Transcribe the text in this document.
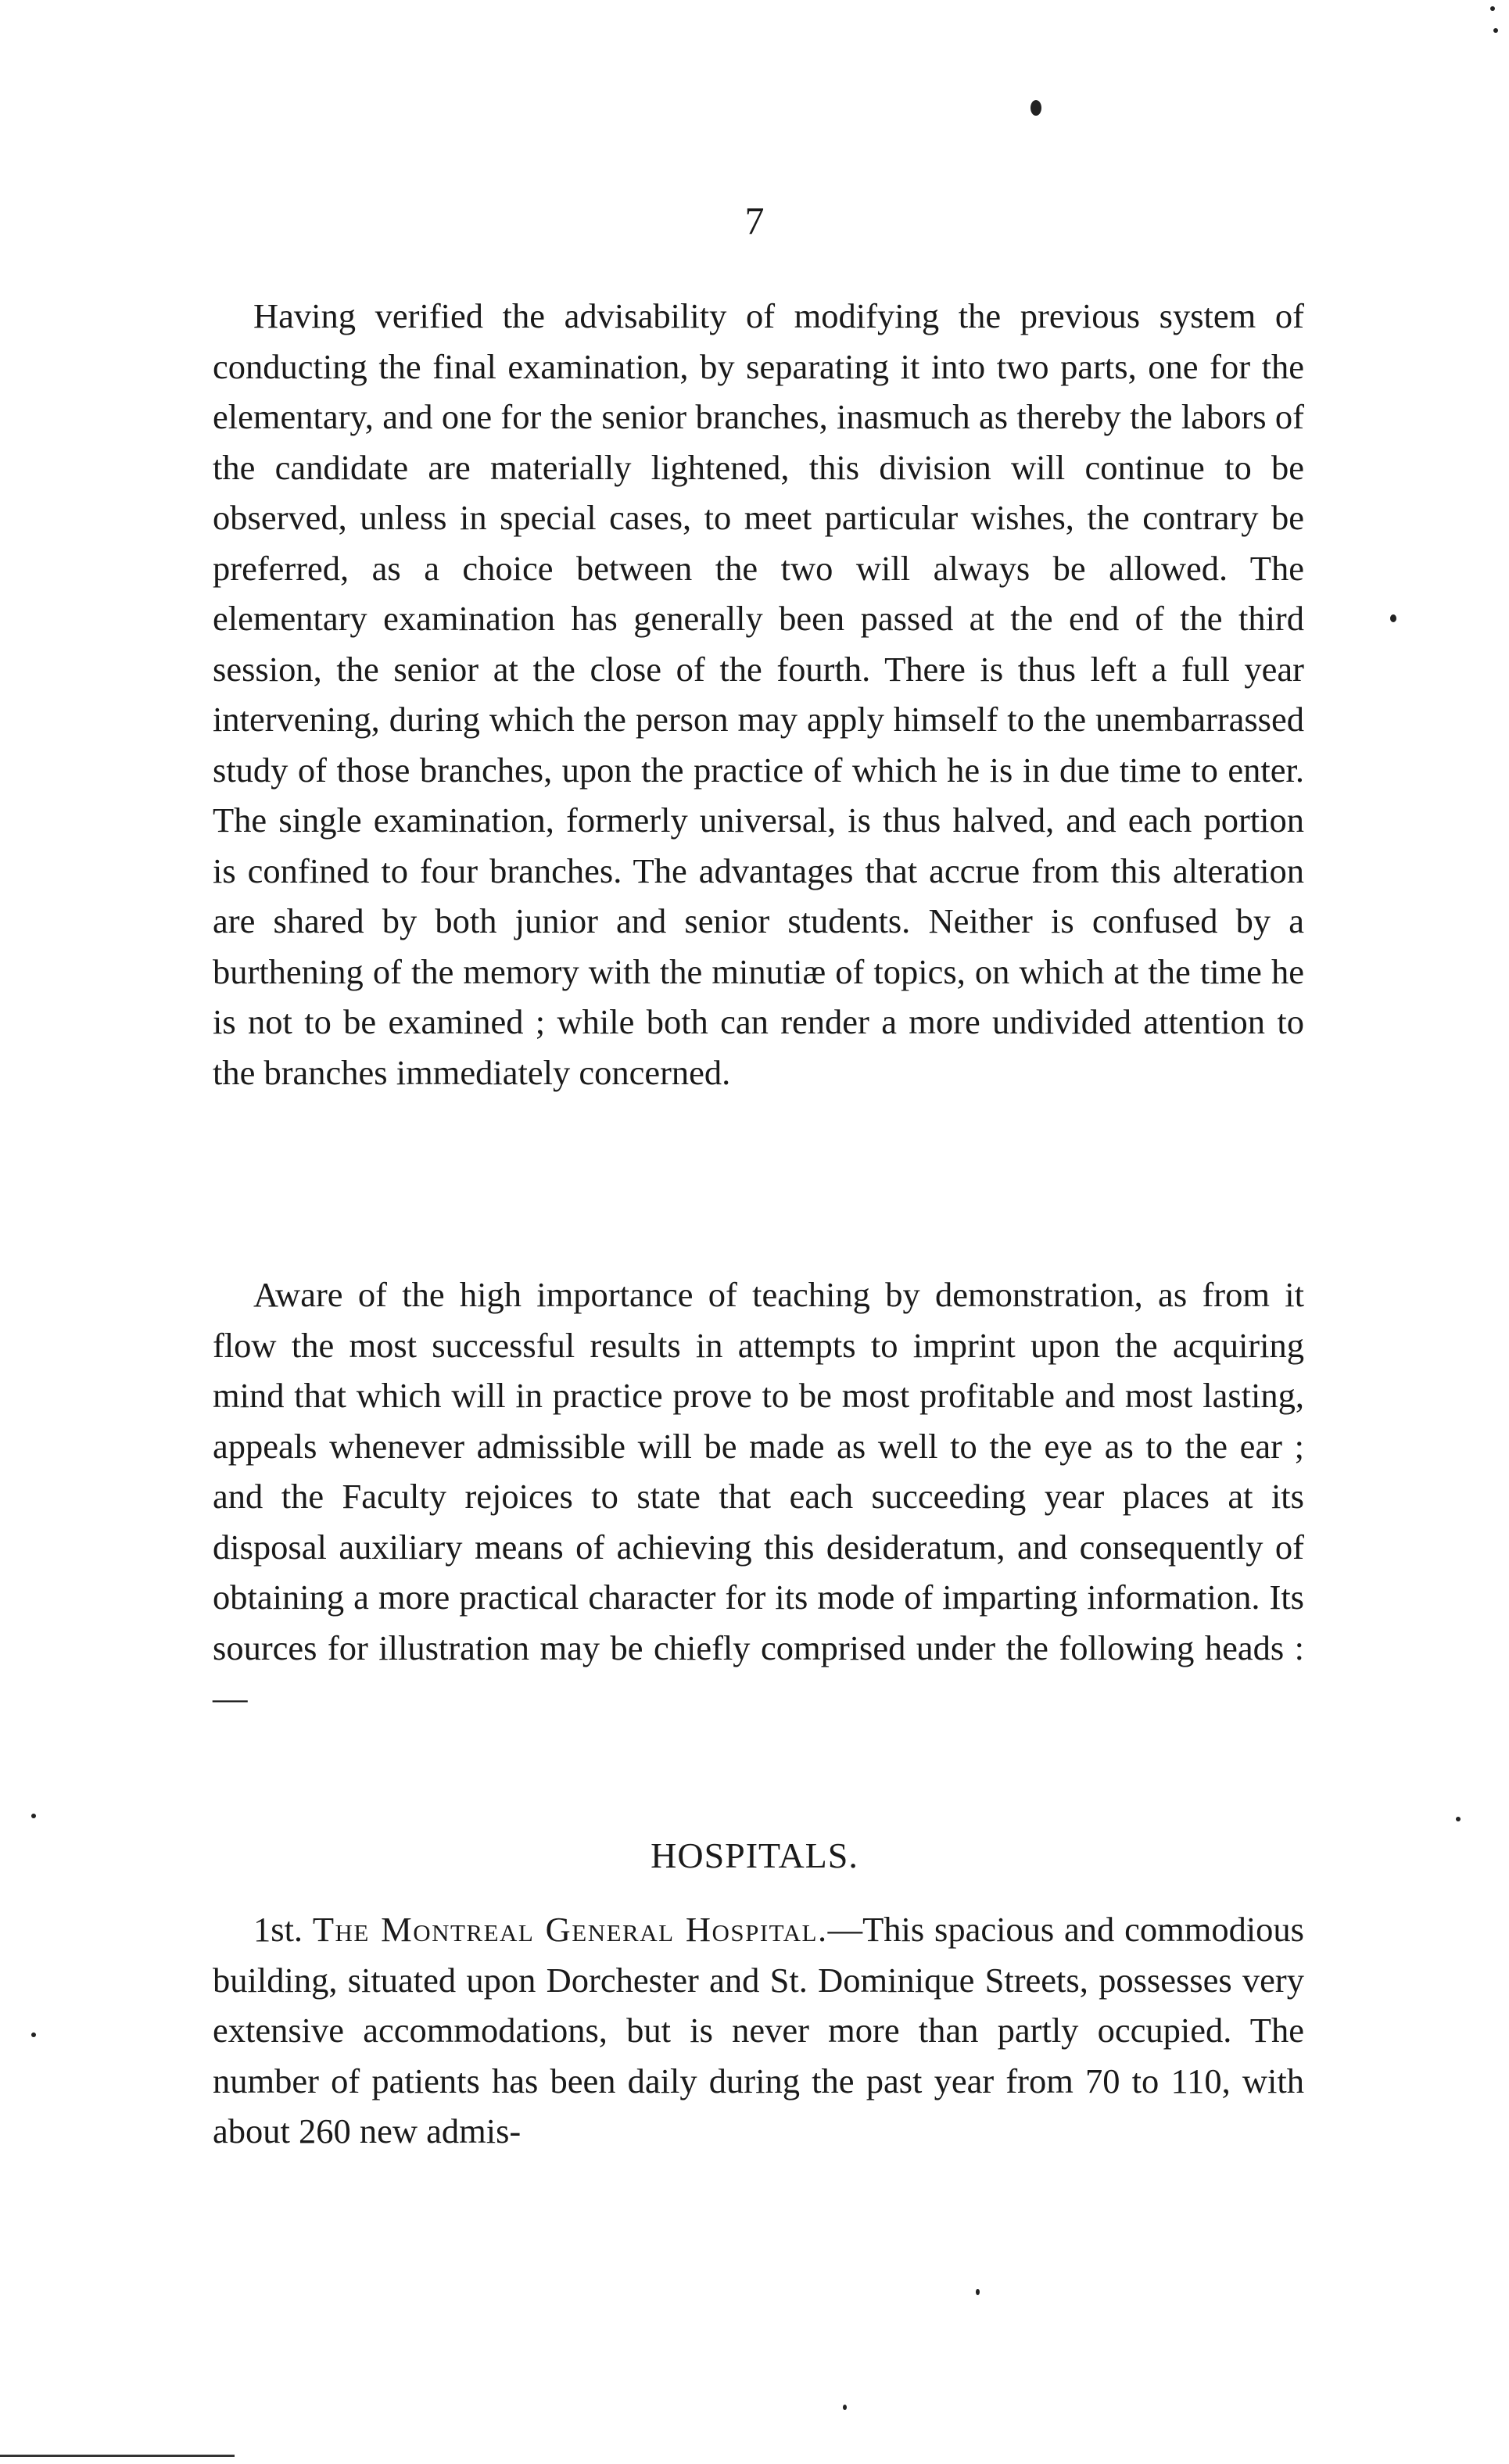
7

Having verified the advisability of modifying the previous system of conducting the final examination, by separating it into two parts, one for the elementary, and one for the senior branches, inasmuch as thereby the labors of the candidate are materially lightened, this division will continue to be observed, unless in special cases, to meet particular wishes, the contrary be preferred, as a choice between the two will always be allowed. The elementary examination has generally been passed at the end of the third session, the senior at the close of the fourth. There is thus left a full year intervening, during which the person may apply himself to the unembarrassed study of those branches, upon the practice of which he is in due time to enter. The single examination, formerly universal, is thus halved, and each portion is confined to four branches. The advantages that accrue from this alteration are shared by both junior and senior students. Neither is confused by a burthening of the memory with the minutiæ of topics, on which at the time he is not to be examined ; while both can render a more undivided attention to the branches immediately concerned.

Aware of the high importance of teaching by demonstration, as from it flow the most successful results in attempts to imprint upon the acquiring mind that which will in practice prove to be most profitable and most lasting, appeals whenever admissible will be made as well to the eye as to the ear ; and the Faculty rejoices to state that each succeeding year places at its disposal auxiliary means of achieving this desideratum, and consequently of obtaining a more practical character for its mode of imparting information. Its sources for illustration may be chiefly comprised under the following heads :—

HOSPITALS.

1st. The Montreal General Hospital.—This spacious and commodious building, situated upon Dorchester and St. Dominique Streets, possesses very extensive accommodations, but is never more than partly occupied. The number of patients has been daily during the past year from 70 to 110, with about 260 new admis-
